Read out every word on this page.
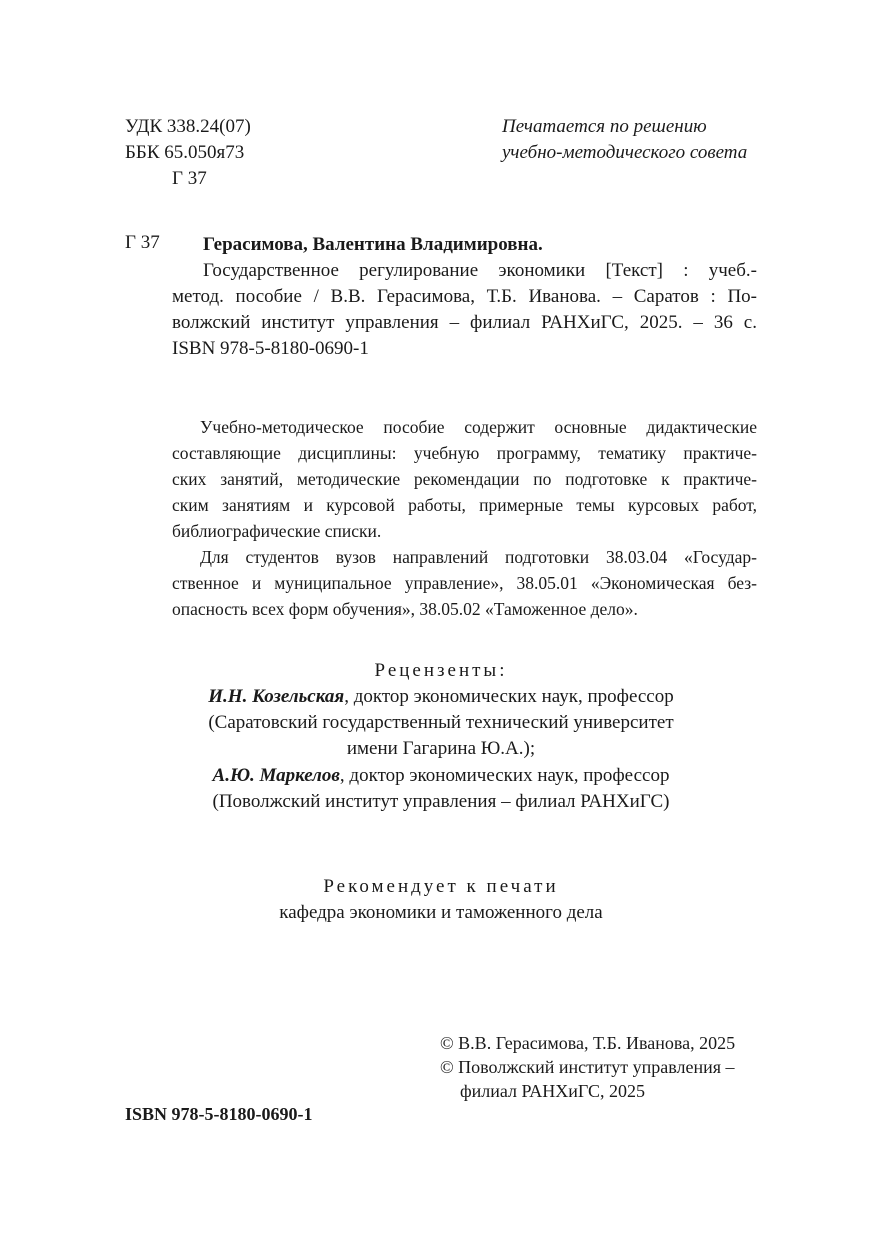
УДК 338.24(07)
ББК 65.050я73
Г 37
Печатается по решению
учебно-методического совета
Г 37	Герасимова, Валентина Владимировна.
Государственное регулирование экономики [Текст] : учеб.-
метод. пособие / В.В. Герасимова, Т.Б. Иванова. – Саратов : По-
волжский институт управления – филиал РАНХиГС, 2025. – 36 с.
ISBN 978-5-8180-0690-1
Учебно-методическое пособие содержит основные дидактические
составляющие дисциплины: учебную программу, тематику практиче-
ских занятий, методические рекомендации по подготовке к практиче-
ским занятиям и курсовой работы, примерные темы курсовых работ,
библиографические списки.
Для студентов вузов направлений подготовки 38.03.04 «Государ-
ственное и муниципальное управление», 38.05.01 «Экономическая без-
опасность всех форм обучения», 38.05.02 «Таможенное дело».
Рецензенты:
И.Н. Козельская, доктор экономических наук, профессор
(Саратовский государственный технический университет
имени Гагарина Ю.А.);
А.Ю. Маркелов, доктор экономических наук, профессор
(Поволжский институт управления – филиал РАНХиГС)
Рекомендует к печати
кафедра экономики и таможенного дела
© В.В. Герасимова, Т.Б. Иванова, 2025
© Поволжский институт управления –
филиал РАНХиГС, 2025
ISBN 978-5-8180-0690-1
